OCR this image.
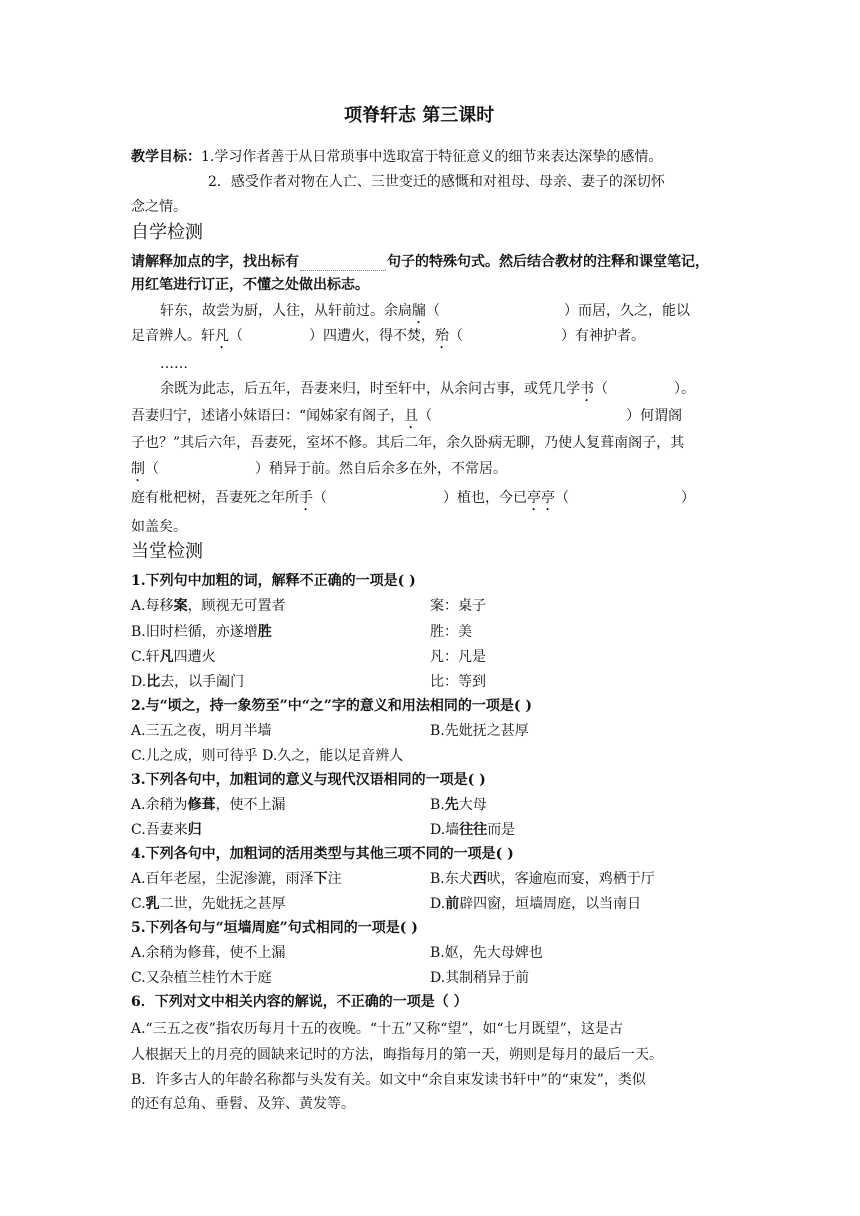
项脊轩志 第三课时
教学目标：1.学习作者善于从日常琐事中选取富于特征意义的细节来表达深挚的感情。
2．感受作者对物在人亡、三世变迁的感慨和对祖母、母亲、妻子的深切怀
念之情。
自学检测
请解释加点的字，找出标有	句子的特殊句式。然后结合教材的注释和课堂笔记，
用红笔进行订正，不懂之处做出标志。
轩东，故尝为厨，人往，从轩前过。余扃牖（	）而居，久之，能以
足音辨人。轩凡（	）四遭火，得不焚，殆（	）有神护者。
……
余既为此志，后五年，吾妻来归，时至轩中，从余问古事，或凭几学书（	）。
吾妻归宁，述诸小妹语曰：“闻姊家有阁子，且（	）何谓阁
子也？”其后六年，吾妻死，室坏不修。其后二年，余久卧病无聊，乃使人复葺南阁子，其
制（	）稍异于前。然自后余多在外，不常居。
庭有枇杷树，吾妻死之年所手（	）植也，今已亭亭（	）
如盖矣。
当堂检测
1.下列句中加粗的词，解释不正确的一项是( )
A.每移案，顾视无可置者	案：桌子
B.旧时栏循，亦遂增胜	胜：美
C.轩凡四遭火	凡：凡是
D.比去，以手阖门	比：等到
2.与“顷之，持一象笏至”中“之”字的意义和用法相同的一项是( )
A.三五之夜，明月半墙	B.先妣抚之甚厚
C.儿之成，则可待乎 D.久之，能以足音辨人
3.下列各句中，加粗词的意义与现代汉语相同的一项是( )
A.余稍为修葺，使不上漏	B.先大母
C.吾妻来归	D.墙往往而是
4.下列各句中，加粗词的活用类型与其他三项不同的一项是( )
A.百年老屋，尘泥渗漉，雨泽下注	B.东犬西吠，客逾庖而宴，鸡栖于厅
C.乳二世，先妣抚之甚厚	D.前辟四窗，垣墙周庭，以当南日
5.下列各句与“垣墙周庭”句式相同的一项是( )
A.余稍为修葺，使不上漏	B.妪，先大母婢也
C.又杂植兰桂竹木于庭	D.其制稍异于前
6．下列对文中相关内容的解说，不正确的一项是（ ）
A.“三五之夜”指农历每月十五的夜晚。“十五”又称“望”，如“七月既望”，这是古
人根据天上的月亮的圆缺来记时的方法，晦指每月的第一天，朔则是每月的最后一天。
B．许多古人的年龄名称都与头发有关。如文中“余自束发读书轩中”的“束发”，类似
的还有总角、垂髫、及笄、黄发等。
